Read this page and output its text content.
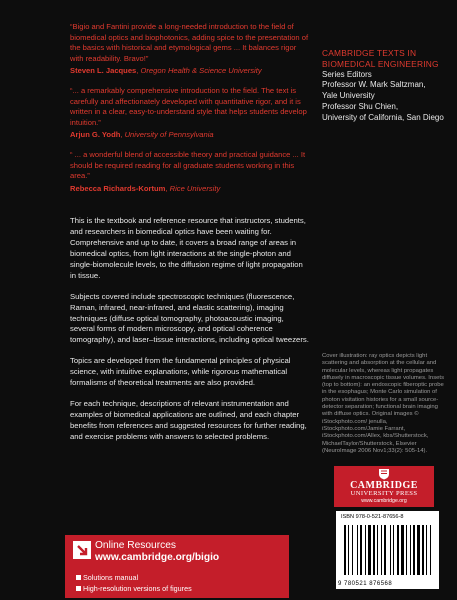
“Bigio and Fantini provide a long-needed introduction to the field of biomedical optics and biophotonics, adding spice to the presentation of the basics with historical and etymological gems ... It balances rigor with readability. Bravo!”

Steven L. Jacques, Oregon Health & Science University

“... a remarkably comprehensive introduction to the field. The text is carefully and affectionately developed with quantitative rigor, and it is written in a clear, easy-to-understand style that helps students develop intuition.”

Arjun G. Yodh, University of Pennsylvania

“ ... a wonderful blend of accessible theory and practical guidance ... It should be required reading for all graduate students working in this area.”

Rebecca Richards-Kortum, Rice University

This is the textbook and reference resource that instructors, students, and researchers in biomedical optics have been waiting for. Comprehensive and up to date, it covers a broad range of areas in biomedical optics, from light interactions at the single-photon and single-biomolecule levels, to the diffusion regime of light propagation in tissue.

Subjects covered include spectroscopic techniques (fluorescence, Raman, infrared, near-infrared, and elastic scattering), imaging techniques (diffuse optical tomography, photoacoustic imaging, several forms of modern microscopy, and optical coherence tomography), and laser–tissue interactions, including optical tweezers.

Topics are developed from the fundamental principles of physical science, with intuitive explanations, while rigorous mathematical formalisms of theoretical treatments are also provided.

For each technique, descriptions of relevant instrumentation and examples of biomedical applications are outlined, and each chapter benefits from references and suggested resources for further reading, and exercise problems with answers to selected problems.

CAMBRIDGE TEXTS IN
BIOMEDICAL ENGINEERING
Series Editors
Professor W. Mark Saltzman,
Yale University
Professor Shu Chien,
University of California, San Diego
Cover illustration: ray optics depicts light scattering and absorption at the cellular and molecular levels, whereas light propagates diffusely in macroscopic tissue volumes. Insets (top to bottom): an endoscopic fiberoptic probe in the esophagus; Monte Carlo simulation of photon visitation histories for a small source-detector separation; functional brain imaging with diffuse optics. Original images © iStockphoto.com/ jenulla, iStockphoto.com/Jamie Farrant, iStockphoto.com/Allex, kbs/Shutterstock, MichaelTaylor/Shutterstock, Elsevier (NeuroImage 2006 Nov1;33(2): 505-14).
CAMBRIDGE
UNIVERSITY PRESS
www.cambridge.org
ISBN 978-0-521-87656-8
9 780521 876568
Online Resources
www.cambridge.org/bigio
Solutions manual
High-resolution versions of figures
